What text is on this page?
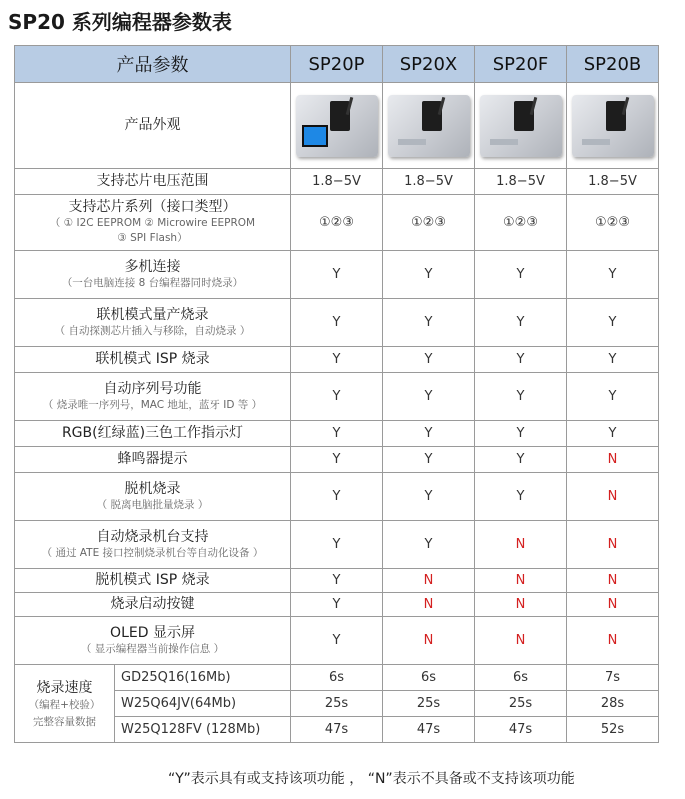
SP20 系列编程器参数表
产品参数		SP20P	SP20X	SP20F	SP20B
产品外观		

支持芯片电压范围		1.8−5V	1.8−5V	1.8−5V	1.8−5V

支持芯片系列（接口类型）
（ ① I2C EEPROM ② Microwire EEPROM
③ SPI Flash）		①②③	①②③	①②③	①②③

多机连接
（一台电脑连接 8 台编程器同时烧录）		Y	Y	Y	Y

联机模式量产烧录
（ 自动探测芯片插入与移除，自动烧录 ）		Y	Y	Y	Y

联机模式 ISP 烧录		Y	Y	Y	Y

自动序列号功能
（ 烧录唯一序列号，MAC 地址，蓝牙 ID 等 ）		Y	Y	Y	Y

RGB(红绿蓝)三色工作指示灯		Y	Y	Y	Y

蜂鸣器提示		Y	Y	Y	N

脱机烧录
（ 脱离电脑批量烧录 ）		Y	Y	Y	N

自动烧录机台支持
（ 通过 ATE 接口控制烧录机台等自动化设备 ）		Y	Y	N	N

脱机模式 ISP 烧录		Y	N	N	N

烧录启动按键		Y	N	N	N

OLED 显示屏
（ 显示编程器当前操作信息 ）		Y	N	N	N

烧录速度
（编程+校验）
完整容量数据	GD25Q16(16Mb)	6s	6s	6s	7s
	W25Q64JV(64Mb)	25s	25s	25s	28s
	W25Q128FV (128Mb)	47s	47s	47s	52s
“Y”表示具有或支持该项功能 ， “N”表示不具备或不支持该项功能
